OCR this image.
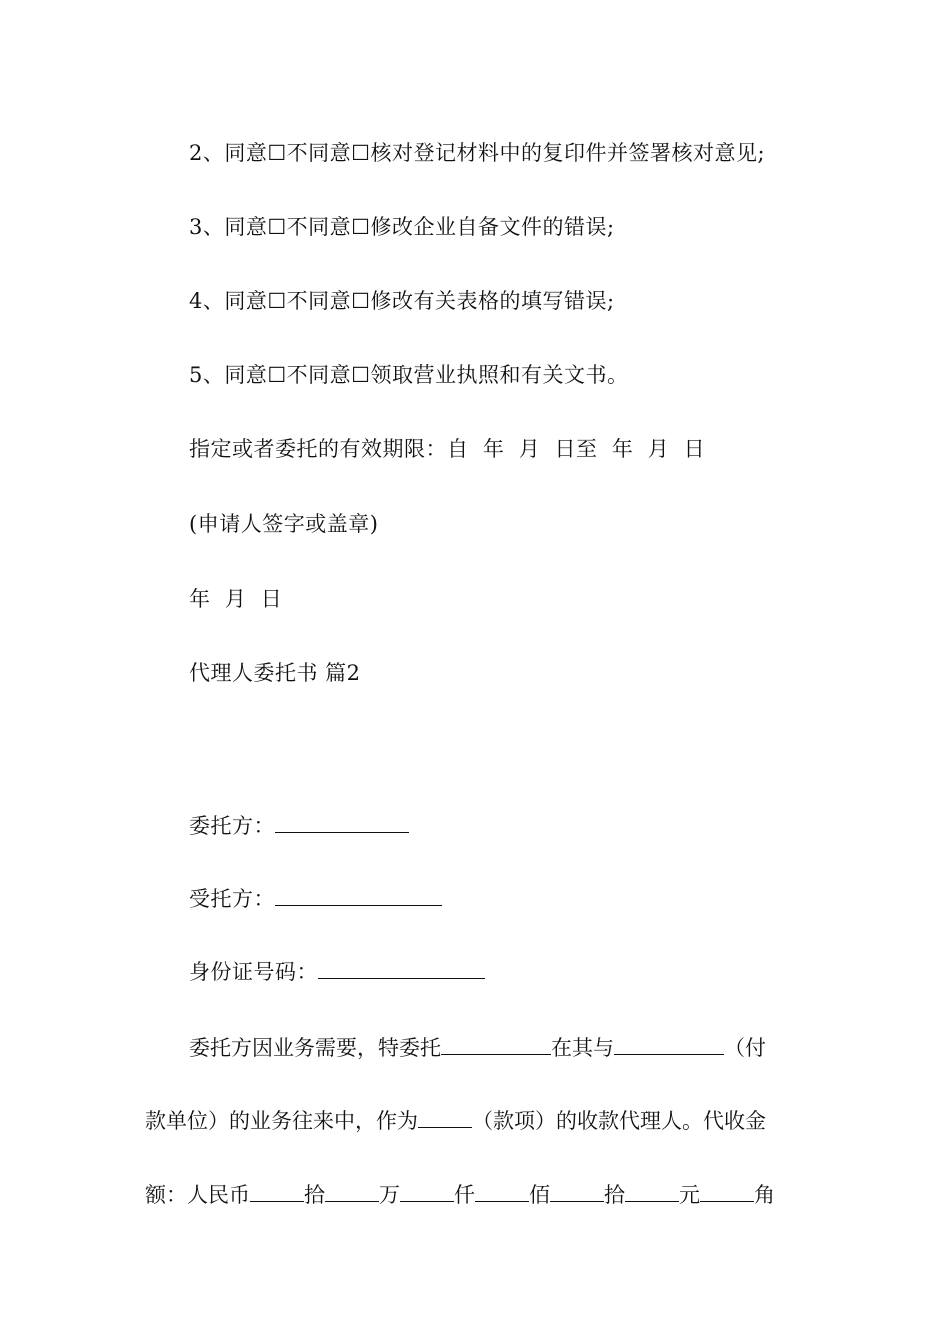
2、同意☐不同意☐核对登记材料中的复印件并签署核对意见;
3、同意☐不同意☐修改企业自备文件的错误;
4、同意☐不同意☐修改有关表格的填写错误;
5、同意☐不同意☐领取营业执照和有关文书。
指定或者委托的有效期限：自  年  月  日至  年  月  日
(申请人签字或盖章)
年  月  日
代理人委托书 篇2
委托方：
受托方：
身份证号码：
委托方因业务需要，特委托	在其与	（付
款单位）的业务往来中，作为	（款项）的收款代理人。代收金
额：人民币	拾	万	仟	佰	拾	元	角
